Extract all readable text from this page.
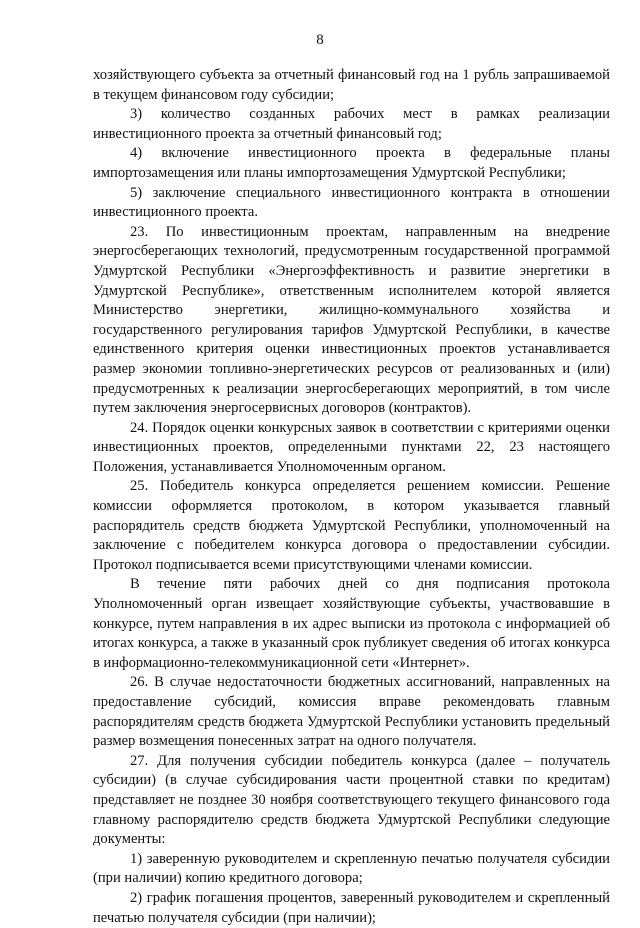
8

хозяйствующего субъекта за отчетный финансовый год на 1 рубль запрашиваемой в текущем финансовом году субсидии;

3) количество созданных рабочих мест в рамках реализации инвестиционного проекта за отчетный финансовый год;

4) включение инвестиционного проекта в федеральные планы импортозамещения или планы импортозамещения Удмуртской Республики;

5) заключение специального инвестиционного контракта в отношении инвестиционного проекта.

23. По инвестиционным проектам, направленным на внедрение энергосберегающих технологий, предусмотренным государственной программой Удмуртской Республики «Энергоэффективность и развитие энергетики в Удмуртской Республике», ответственным исполнителем которой является Министерство энергетики, жилищно-коммунального хозяйства и государственного регулирования тарифов Удмуртской Республики, в качестве единственного критерия оценки инвестиционных проектов устанавливается размер экономии топливно-энергетических ресурсов от реализованных и (или) предусмотренных к реализации энергосберегающих мероприятий, в том числе путем заключения энергосервисных договоров (контрактов).

24. Порядок оценки конкурсных заявок в соответствии с критериями оценки инвестиционных проектов, определенными пунктами 22, 23 настоящего Положения, устанавливается Уполномоченным органом.

25. Победитель конкурса определяется решением комиссии. Решение комиссии оформляется протоколом, в котором указывается главный распорядитель средств бюджета Удмуртской Республики, уполномоченный на заключение с победителем конкурса договора о предоставлении субсидии. Протокол подписывается всеми присутствующими членами комиссии.

В течение пяти рабочих дней со дня подписания протокола Уполномоченный орган извещает хозяйствующие субъекты, участвовавшие в конкурсе, путем направления в их адрес выписки из протокола с информацией об итогах конкурса, а также в указанный срок публикует сведения об итогах конкурса в информационно-телекоммуникационной сети «Интернет».

26. В случае недостаточности бюджетных ассигнований, направленных на предоставление субсидий, комиссия вправе рекомендовать главным распорядителям средств бюджета Удмуртской Республики установить предельный размер возмещения понесенных затрат на одного получателя.

27. Для получения субсидии победитель конкурса (далее – получатель субсидии) (в случае субсидирования части процентной ставки по кредитам) представляет не позднее 30 ноября соответствующего текущего финансового года главному распорядителю средств бюджета Удмуртской Республики следующие документы:

1) заверенную руководителем и скрепленную печатью получателя субсидии (при наличии) копию кредитного договора;

2) график погашения процентов, заверенный руководителем и скрепленный печатью получателя субсидии (при наличии);
